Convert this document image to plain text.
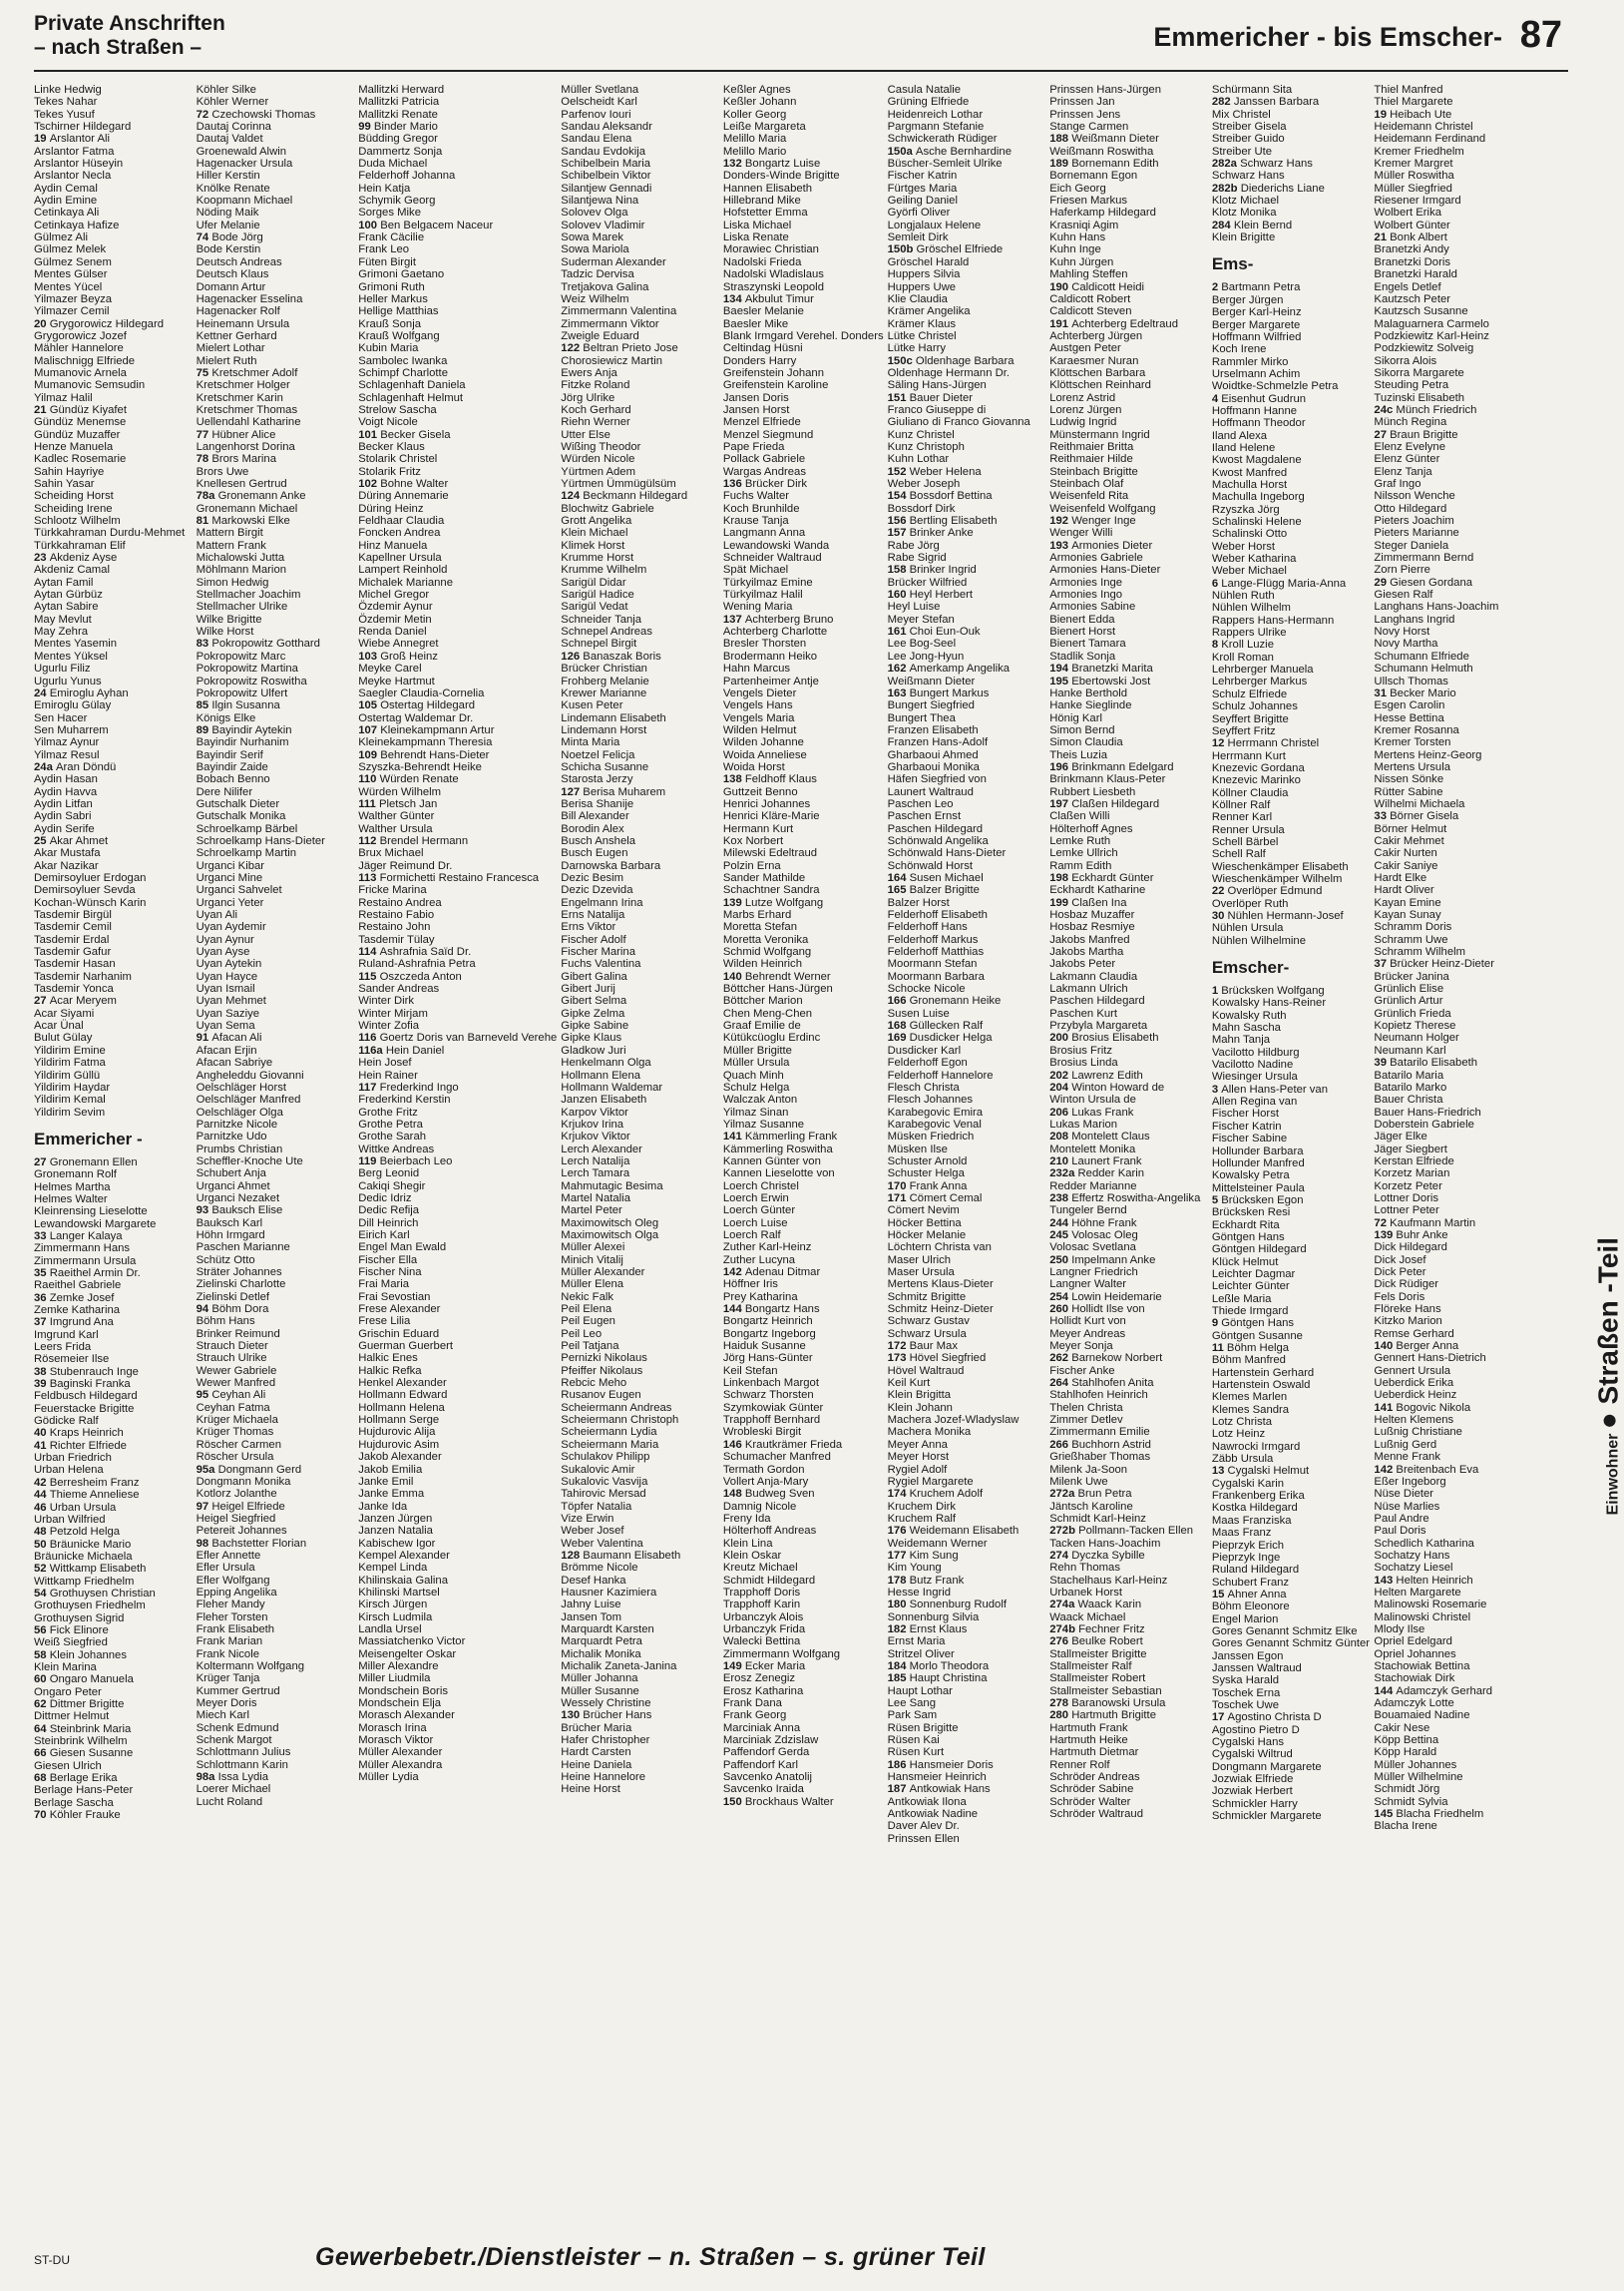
Private Anschriften
– nach Straßen –	Emmericher - bis Emscher- 87
Linke Hedwig
Tekes Nahar
Tekes Yusuf
Tschirner Hildegard
19 Arslantor Ali
Arslantor Fatma
Arslantor Hüseyin
Arslantor Necla
Aydin Cemal
Aydin Emine
Cetinkaya Ali
Cetinkaya Hafize
Gülmez Ali
Gülmez Melek
Gülmez Senem
Mentes Gülser
Mentes Yücel
Yilmazer Beyza
Yilmazer Cemil
20 Grygorowicz Hildegard
Grygorowicz Jozef
Mähler Hannelore
Malischnigg Elfriede
Mumanovic Arnela
Mumanovic Semsudin
Yilmaz Halil
21 Gündüz Kiyafet
Gündüz Menemse
Gündüz Muzaffer
Henze Manuela
Kadlec Rosemarie
Sahin Hayriye
Sahin Yasar
Scheiding Horst
Scheiding Irene
Schlootz Wilhelm
Türkkahraman Durdu-Mehmet
Türkkahraman Elif
23 Akdeniz Ayse
Akdeniz Camal
Aytan Famil
Aytan Gürbüz
Aytan Sabire
May Mevlut
May Zehra
Mentes Yasemin
Mentes Yüksel
Ugurlu Filiz
Ugurlu Yunus
24 Emiroglu Ayhan
Emiroglu Gülay
Sen Hacer
Sen Muharrem
Yilmaz Aynur
Yilmaz Resul
24a Aran Döndü
Aydin Hasan
Aydin Havva
Aydin Litfan
Aydin Sabri
Aydin Serife
25 Akar Ahmet
Akar Mustafa
Akar Nazikar
Demirsoyluer Erdogan
Demirsoyluer Sevda
Kochan-Wünsch Karin
Tasdemir Birgül
Tasdemir Cemil
Tasdemir Erdal
Tasdemir Gafur
Tasdemir Hasan
Tasdemir Narhanim
Tasdemir Yonca
27 Acar Meryem
Acar Siyami
Acar Ünal
Bulut Gülay
Yildirim Emine
Yildirim Fatma
Yildirim Güllü
Yildirim Haydar
Yildirim Kemal
Yildirim Sevim
Emmericher -
27 Gronemann Ellen
Gronemann Rolf
Helmes Martha
Helmes Walter
Kleinrensing Lieselotte
Lewandowski Margarete
33 Langer Kalaya
Zimmermann Hans
Zimmermann Ursula
35 Raeithel Armin Dr.
Raeithel Gabriele
36 Zemke Josef
Zemke Katharina
37 Imgrund Ana
Imgrund Karl
Leers Frida
Rösemeier Ilse
38 Stubenrauch Inge
39 Baginski Franka
Feldbusch Hildegard
Feuerstacke Brigitte
Gödicke Ralf
40 Kraps Heinrich
41 Richter Elfriede
Urban Friedrich
Urban Helena
42 Berresheim Franz
44 Thieme Anneliese
46 Urban Ursula
Urban Wilfried
48 Petzold Helga
50 Bräunicke Mario
Bräunicke Michaela
52 Wittkamp Elisabeth
Wittkamp Friedhelm
54 Grothuysen Christian
Grothuysen Friedhelm
Grothuysen Sigrid
56 Fick Elinore
Weiß Siegfried
58 Klein Johannes
Klein Marina
60 Ongaro Manuela
Ongaro Peter
62 Dittmer Brigitte
Dittmer Helmut
64 Steinbrink Maria
Steinbrink Wilhelm
66 Giesen Susanne
Giesen Ulrich
68 Berlage Erika
Berlage Hans-Peter
Berlage Sascha
70 Köhler Frauke
Köhler Silke
Köhler Werner
72 Czechowski Thomas
Dautaj Corinna
Dautaj Valdet
Groenewald Alwin
Hagenacker Ursula
Hiller Kerstin
Knölke Renate
Koopmann Michael
Nöding Maik
Ufer Melanie
74 Bode Jörg
Bode Kerstin
Deutsch Andreas
Deutsch Klaus
Domann Artur
Hagenacker Esselina
Hagenacker Rolf
Heinemann Ursula
Kettner Gerhard
Mielert Lothar
Mielert Ruth
75 Kretschmer Adolf
Kretschmer Holger
Kretschmer Karin
Kretschmer Thomas
Uellendahl Katharine
77 Hübner Alice
Langenhorst Dorina
78 Brors Marina
Brors Uwe
Knellesen Gertrud
78a Gronemann Anke
Gronemann Michael
81 Markowski Elke
Mattern Birgit
Mattern Frank
Michalowski Jutta
Möhlmann Marion
Simon Hedwig
Stellmacher Joachim
Stellmacher Ulrike
Wilke Brigitte
Wilke Horst
83 Pokropowitz Gotthard
Pokropowitz Marc
Pokropowitz Martina
Pokropowitz Roswitha
Pokropowitz Ulfert
85 Ilgin Susanna
Königs Elke
89 Bayindir Aytekin
Bayindir Nurhanim
Bayindir Serif
Bayindir Zaide
Bobach Benno
Dere Nilifer
Gutschalk Dieter
Gutschalk Monika
Schroelkamp Bärbel
Schroelkamp Hans-Dieter
Schroelkamp Martin
Urganci Kibar
Urganci Mine
Urganci Sahvelet
Urganci Yeter
Uyan Ali
Uyan Aydemir
Uyan Aynur
Uyan Ayse
Uyan Aytekin
Uyan Hayce
Uyan Ismail
Uyan Mehmet
Uyan Saziye
Uyan Sema
91 Afacan Ali
Afacan Erjin
Afacan Sabriye
Angheleddu Giovanni
Oelschläger Horst
Oelschläger Manfred
Oelschläger Olga
Parnitzke Nicole
Parnitzke Udo
Prumbs Christian
Scheffler-Knoche Ute
Schubert Anja
Urganci Ahmet
Urganci Nezaket
93 Bauksch Elise
Bauksch Karl
Höhn Irmgard
Paschen Marianne
Schütz Otto
Sträter Johannes
Zielinski Charlotte
Zielinski Detlef
94 Böhm Dora
Böhm Hans
Brinker Reimund
Strauch Dieter
Strauch Ulrike
Wewer Gabriele
Wewer Manfred
95 Ceyhan Ali
Ceyhan Fatma
Krüger Michaela
Krüger Thomas
Röscher Carmen
Röscher Ursula
95a Dongmann Gerd
Dongmann Monika
Kotlorz Jolanthe
97 Heigel Elfriede
Heigel Siegfried
Petereit Johannes
98 Bachstetter Florian
Efler Annette
Efler Ursula
Efler Wolfgang
Epping Angelika
Fleher Mandy
Fleher Torsten
Frank Elisabeth
Frank Marian
Frank Nicole
Koltermann Wolfgang
Krüger Tanja
Kummer Gertrud
Meyer Doris
Miech Karl
Schenk Edmund
Schenk Margot
Schlottmann Julius
Schlottmann Karin
98a Issa Lydia
Loerer Michael
Lucht Roland
Mallitzki Herward
Mallitzki Patricia
Mallitzki Renate
99 Binder Mario
Büdding Gregor
Dammertz Sonja
Duda Michael
Felderhoff Johanna
Hein Katja
Schymik Georg
Sorges Mike
100 Ben Belgacem Naceur
Frank Cäcilie
Frank Leo
Füten Birgit
Grimoni Gaetano
Grimoni Ruth
Heller Markus
Hellige Matthias
Krauß Sonja
Krauß Wolfgang
Kubin Maria
Sambolec Iwanka
Schimpf Charlotte
Schlagenhaft Daniela
Schlagenhaft Helmut
Strelow Sascha
Voigt Nicole
101 Becker Gisela
Becker Klaus
Stolarik Christel
Stolarik Fritz
102 Bohne Walter
Düring Annemarie
Düring Heinz
Feldhaar Claudia
Foncken Andrea
Hinz Manuela
Kapellner Ursula
Lampert Reinhold
Michalek Marianne
Michel Gregor
Özdemir Aynur
Özdemir Metin
Renda Daniel
Wiebe Annegret
103 Groß Heinz
Meyke Carel
Meyke Hartmut
Saegler Claudia-Cornelia
105 Ostertag Hildegard
Ostertag Waldemar Dr.
107 Kleinekampmann Artur
Kleinekampmann Theresia
109 Behrendt Hans-Dieter
Szyszka-Behrendt Heike
110 Würden Renate
Würden Wilhelm
111 Pletsch Jan
Walther Günter
Walther Ursula
112 Brendel Hermann
Brux Michael
Jäger Reimund Dr.
113 Formichetti Restaino Francesca
Fricke Marina
Restaino Andrea
Restaino Fabio
Restaino John
Tasdemir Tülay
114 Ashrafnia Saïd Dr.
Ruland-Ashrafnia Petra
115 Oszczeda Anton
Sander Andreas
Winter Dirk
Winter Mirjam
Winter Zofia
116 Goertz Doris van Barneveld Verehe
116a Hein Daniel
Hein Josef
Hein Rainer
117 Frederkind Ingo
Frederkind Kerstin
Grothe Fritz
Grothe Petra
Grothe Sarah
Wittke Andreas
119 Beierbach Leo
Berg Leonid
Cakiqi Shegir
Dedic Idriz
Dedic Refija
Dill Heinrich
Eirich Karl
Engel Man Ewald
Fischer Ella
Fischer Nina
Frai Maria
Frai Sevostian
Frese Alexander
Frese Lilia
Grischin Eduard
Guerman Guerbert
Halkic Enes
Halkic Refka
Henkel Alexander
Hollmann Edward
Hollmann Helena
Hollmann Serge
Hujdurovic Alija
Hujdurovic Asim
Jakob Alexander
Jakob Emilia
Janke Emil
Janke Emma
Janke Ida
Janzen Jürgen
Janzen Natalia
Kabischew Igor
Kempel Alexander
Kempel Linda
Khilinskaia Galina
Khilinski Martsel
Kirsch Jürgen
Kirsch Ludmila
Landla Ursel
Massiatchenko Victor
Meisengelter Oskar
Miller Alexandre
Miller Liudmila
Mondschein Boris
Mondschein Elja
Morasch Alexander
Morasch Irina
Morasch Viktor
Müller Alexander
Müller Alexandra
Müller Lydia
Müller Svetlana
Oelscheidt Karl
Parfenov Iouri
Sandau Aleksandr
Sandau Elena
Sandau Evdokija
Schibelbein Maria
Schibelbein Viktor
Silantjew Gennadi
Silantjewa Nina
Solovev Olga
Solovev Vladimir
Sowa Marek
Sowa Mariola
Suderman Alexander
Tadzic Dervisa
Tretjakova Galina
Weiz Wilhelm
Zimmermann Valentina
Zimmermann Viktor
Zweigle Eduard
122 Beltran Prieto Jose
Chorosiewicz Martin
Ewers Anja
Fitzke Roland
Jörg Ulrike
Koch Gerhard
Riehn Werner
Utter Else
Wißing Theodor
Würden Nicole
Yürtmen Adem
Yürtmen Ümmügülsüm
124 Beckmann Hildegard
Blochwitz Gabriele
Grott Angelika
Klein Michael
Klimek Horst
Krumme Horst
Krumme Wilhelm
Sarigül Didar
Sarigül Hadice
Sarigül Vedat
Schneider Tanja
Schnepel Andreas
Schnepel Birgit
126 Banaszak Boris
Brücker Christian
Frohberg Melanie
Krewer Marianne
Kusen Peter
Lindemann Elisabeth
Lindemann Horst
Minta Maria
Noetzel Felicja
Schicha Susanne
Starosta Jerzy
127 Berisa Muharem
Berisa Shanije
Bill Alexander
Borodin Alex
Busch Anshela
Busch Eugen
Darnowska Barbara
Dezic Besim
Dezic Dzevida
Engelmann Irina
Erns Natalija
Erns Viktor
Fischer Adolf
Fischer Marina
Fuchs Valentina
Gibert Galina
Gibert Jurij
Gibert Selma
Gipke Zelma
Gipke Sabine
Gipke Klaus
Gladkow Juri
Henkelmann Olga
Hollmann Elena
Hollmann Waldemar
Janzen Elisabeth
Karpov Viktor
Krjukov Irina
Krjukov Viktor
Lerch Alexander
Lerch Natalija
Lerch Tamara
Mahmutagic Besima
Martel Natalia
Martel Peter
Maximowitsch Oleg
Maximowitsch Olga
Müller Alexei
Minich Vitalij
Müller Alexander
Müller Elena
Nekic Falk
Peil Elena
Peil Eugen
Peil Leo
Peil Tatjana
Pernizki Nikolaus
Pfeiffer Nikolaus
Rebcic Meho
Rusanov Eugen
Scheiermann Andreas
Scheiermann Christoph
Scheiermann Lydia
Scheiermann Maria
Schulakov Philipp
Sukalovic Amir
Sukalovic Vasvija
Tahirovic Mersad
Töpfer Natalia
Vize Erwin
Weber Josef
Weber Valentina
128 Baumann Elisabeth
Brömme Nicole
Desef Hanka
Hausner Kazimiera
Jahny Luise
Jansen Tom
Marquardt Karsten
Marquardt Petra
Michalik Monika
Michalik Zaneta-Janina
Müller Johanna
Müller Susanne
Wessely Christine
130 Brücher Hans
Brücher Maria
Hafer Christopher
Hardt Carsten
Heine Daniela
Heine Hannelore
Heine Horst
Keßler Agnes
Keßler Johann
Koller Georg
Leiße Margareta
Melillo Maria
Melillo Mario
132 Bongartz Luise
Donders-Winde Brigitte
Hannen Elisabeth
Hillebrand Mike
Hofstetter Emma
Liska Michael
Liska Renate
Morawiec Christian
Nadolski Frieda
Nadolski Wladislaus
Straszynski Leopold
134 Akbulut Timur
Baesler Melanie
Baesler Mike
Blank Irmgard Verehel. Donders
Celtindag Hüsni
Donders Harry
Greifenstein Johann
Greifenstein Karoline
Jansen Doris
Jansen Horst
Menzel Elfriede
Menzel Siegmund
Pape Frieda
Pollack Gabriele
Wargas Andreas
136 Brücker Dirk
Fuchs Walter
Koch Brunhilde
Krause Tanja
Langmann Anna
Lewandowski Wanda
Schneider Waltraud
Spät Michael
Türkyilmaz Emine
Türkyilmaz Halil
Wening Maria
137 Achterberg Bruno
Achterberg Charlotte
Bresler Thorsten
Brodermann Heiko
Hahn Marcus
Partenheimer Antje
Vengels Dieter
Vengels Hans
Vengels Maria
Wilden Helmut
Wilden Johanne
Woida Anneliese
Woida Horst
138 Feldhoff Klaus
Guttzeit Benno
Henrici Johannes
Henrici Kläre-Marie
Hermann Kurt
Kox Norbert
Milewski Edeltraud
Polzin Erna
Sander Mathilde
Schachtner Sandra
139 Lutze Wolfgang
Marbs Erhard
Moretta Stefan
Moretta Veronika
Schmid Wolfgang
Wilden Heinrich
140 Behrendt Werner
Böttcher Hans-Jürgen
Böttcher Marion
Chen Meng-Chen
Graaf Emilie de
Kütükcüoglu Erdinc
Müller Brigitte
Müller Ursula
Quach Minh
Schulz Helga
Walczak Anton
Yilmaz Sinan
Yilmaz Susanne
141 Kämmerling Frank
Kämmerling Roswitha
Kannen Günter von
Kannen Lieselotte von
Loerch Christel
Loerch Erwin
Loerch Günter
Loerch Luise
Loerch Ralf
Zuther Karl-Heinz
Zuther Lucyna
142 Adenau Ditmar
Höffner Iris
Prey Katharina
144 Bongartz Hans
Bongartz Heinrich
Bongartz Ingeborg
Haiduk Susanne
Jörg Hans-Günter
Keil Stefan
Linkenbach Margot
Schwarz Thorsten
Szymkowiak Günter
Trapphoff Bernhard
Wrobleski Birgit
146 Krautkrämer Frieda
Schumacher Manfred
Termath Gordon
Vollert Anja-Mary
148 Budweg Sven
Damnig Nicole
Freny Ida
Hölterhoff Andreas
Klein Lina
Klein Oskar
Kreutz Michael
Schmidt Hildegard
Trapphoff Doris
Trapphoff Karin
Urbanczyk Alois
Urbanczyk Frida
Walecki Bettina
Zimmermann Wolfgang
149 Ecker Maria
Erosz Zenegiz
Erosz Katharina
Frank Dana
Frank Georg
Marciniak Anna
Marciniak Zdzislaw
Paffendorf Gerda
Paffendorf Karl
Savcenko Anatolij
Savcenko Iraida
150 Brockhaus Walter
Casula Natalie
Grüning Elfriede
Heidenreich Lothar
Pargmann Stefanie
Schwickerath Rüdiger
150a Asche Bernhardine
Büscher-Semleit Ulrike
Fischer Katrin
Fürtges Maria
Geiling Daniel
Györfi Oliver
Longjalaux Helene
Semleit Dirk
150b Gröschel Elfriede
Gröschel Harald
Huppers Silvia
Huppers Uwe
Klie Claudia
Krämer Angelika
Krämer Klaus
Lütke Christel
Lütke Harry
150c Oldenhage Barbara
Oldenhage Hermann Dr.
Säling Hans-Jürgen
151 Bauer Dieter
Franco Giuseppe di
Giuliano di Franco Giovanna
Kunz Christel
Kunz Christoph
Kuhn Lothar
152 Weber Helena
Weber Joseph
154 Bossdorf Bettina
Bossdorf Dirk
156 Bertling Elisabeth
157 Brinker Anke
Rabe Jörg
Rabe Sigrid
158 Brinker Ingrid
Brücker Wilfried
160 Heyl Herbert
Heyl Luise
Meyer Stefan
161 Choi Eun-Ouk
Lee Bog-Seel
Lee Jong-Hyun
162 Amerkamp Angelika
Weißmann Dieter
163 Bungert Markus
Bungert Siegfried
Bungert Thea
Franzen Elisabeth
Franzen Hans-Adolf
Gharbaoui Ahmed
Gharbaoui Monika
Häfen Siegfried von
Launert Waltraud
Paschen Leo
Paschen Ernst
Paschen Hildegard
Schönwald Angelika
Schönwald Hans-Dieter
Schönwald Horst
164 Susen Michael
165 Balzer Brigitte
Balzer Horst
Felderhoff Elisabeth
Felderhoff Hans
Felderhoff Markus
Felderhoff Matthias
Moormann Stefan
Moormann Barbara
Schocke Nicole
166 Gronemann Heike
Susen Luise
168 Güllecken Ralf
169 Dusdicker Helga
Dusdicker Karl
Felderhoff Egon
Felderhoff Hannelore
Flesch Christa
Flesch Johannes
Karabegovic Emira
Karabegovic Venal
Müsken Friedrich
Müsken Ilse
Schuster Arnold
Schuster Helga
170 Frank Anna
171 Cömert Cemal
Cömert Nevim
Höcker Bettina
Höcker Melanie
Löchtern Christa van
Maser Ulrich
Maser Ursula
Mertens Klaus-Dieter
Schmitz Brigitte
Schmitz Heinz-Dieter
Schwarz Gustav
Schwarz Ursula
172 Baur Max
173 Hövel Siegfried
Hövel Waltraud
Keil Kurt
Klein Brigitta
Klein Johann
Machera Jozef-Wladyslaw
Machera Monika
Meyer Anna
Meyer Horst
Rygiel Adolf
Rygiel Margarete
174 Kruchem Adolf
Kruchem Dirk
Kruchem Ralf
176 Weidemann Elisabeth
Weidemann Werner
177 Kim Sung
Kim Young
178 Butz Frank
Hesse Ingrid
180 Sonnenburg Rudolf
Sonnenburg Silvia
182 Ernst Klaus
Ernst Maria
Stritzel Oliver
184 Morlo Theodora
185 Haupt Christina
Haupt Lothar
Lee Sang
Park Sam
Rüsen Brigitte
Rüsen Kai
Rüsen Kurt
186 Hansmeier Doris
Hansmeier Heinrich
187 Antkowiak Hans
Antkowiak Ilona
Antkowiak Nadine
Daver Alev Dr.
Prinssen Ellen
Prinssen Hans-Jürgen
Prinssen Jan
Prinssen Jens
Stange Carmen
188 Weißmann Dieter
Weißmann Roswitha
189 Bornemann Edith
Bornemann Egon
Eich Georg
Friesen Markus
Haferkamp Hildegard
Krasniqi Agim
Kuhn Hans
Kuhn Inge
Kuhn Jürgen
Mahling Steffen
190 Caldicott Heidi
Caldicott Robert
Caldicott Steven
191 Achterberg Edeltraud
Achterberg Jürgen
Austgen Peter
Karaesmer Nuran
Klöttschen Barbara
Klöttschen Reinhard
Lorenz Astrid
Lorenz Jürgen
Ludwig Ingrid
Münstermann Ingrid
Reithmaier Britta
Reithmaier Hilde
Steinbach Brigitte
Steinbach Olaf
Weisenfeld Rita
Weisenfeld Wolfgang
192 Wenger Inge
Wenger Willi
193 Armonies Dieter
Armonies Gabriele
Armonies Hans-Dieter
Armonies Inge
Armonies Ingo
Armonies Sabine
Bienert Edda
Bienert Horst
Bienert Tamara
Stadlik Sonja
194 Branetzki Marita
195 Ebertowski Jost
Hanke Berthold
Hanke Sieglinde
Hönig Karl
Simon Bernd
Simon Claudia
Theis Luzia
196 Brinkmann Edelgard
Brinkmann Klaus-Peter
Rubbert Liesbeth
197 Claßen Hildegard
Claßen Willi
Hölterhoff Agnes
Lemke Ruth
Lemke Ullrich
Ramm Edith
198 Eckhardt Günter
Eckhardt Katharine
199 Claßen Ina
Hosbaz Muzaffer
Hosbaz Resmiye
Jakobs Manfred
Jakobs Martha
Jakobs Peter
Lakmann Claudia
Lakmann Ulrich
Paschen Hildegard
Paschen Kurt
Przybyla Margareta
200 Brosius Elisabeth
Brosius Fritz
Brosius Linda
202 Lawrenz Edith
204 Winton Howard de
Winton Ursula de
206 Lukas Frank
Lukas Marion
208 Montelett Claus
Montelett Monika
210 Launert Frank
232a Redder Karin
Redder Marianne
238 Effertz Roswitha-Angelika
Tungeler Bernd
244 Höhne Frank
245 Volosac Oleg
Volosac Svetlana
250 Impelmann Anke
Langner Friedrich
Langner Walter
254 Lowin Heidemarie
260 Hollidt Ilse von
Hollidt Kurt von
Meyer Andreas
Meyer Sonja
262 Barnekow Norbert
Fischer Anke
264 Stahlhofen Anita
Stahlhofen Heinrich
Thelen Christa
Zimmer Detlev
Zimmermann Emilie
266 Buchhorn Astrid
Grießhaber Thomas
Milenk Ja-Soon
Milenk Uwe
272a Brun Petra
Jäntsch Karoline
Schmidt Karl-Heinz
272b Pollmann-Tacken Ellen
Tacken Hans-Joachim
274 Dyczka Sybille
Rehn Thomas
Stachelhaus Karl-Heinz
Urbanek Horst
274a Waack Karin
Waack Michael
274b Fechner Fritz
276 Beulke Robert
Stallmeister Brigitte
Stallmeister Ralf
Stallmeister Robert
Stallmeister Sebastian
278 Baranowski Ursula
280 Hartmuth Brigitte
Hartmuth Frank
Hartmuth Heike
Hartmuth Dietmar
Renner Rolf
Schröder Andreas
Schröder Sabine
Schröder Walter
Schröder Waltraud
Schürmann Sita
282 Janssen Barbara
Mix Christel
Streiber Gisela
Streiber Guido
Streiber Ute
282a Schwarz Hans
Schwarz Hans
282b Diederichs Liane
Klotz Michael
Klotz Monika
284 Klein Bernd
Klein Brigitte
Ems-
2 Bartmann Petra
Berger Jürgen
Berger Karl-Heinz
Berger Margarete
Hoffmann Wilfried
Koch Irene
Rammler Mirko
Urselmann Achim
Woidtke-Schmelzle Petra
4 Eisenhut Gudrun
Hoffmann Hanne
Hoffmann Theodor
Iland Alexa
Iland Helene
Kwost Magdalene
Kwost Manfred
Machulla Horst
Machulla Ingeborg
Rzyszka Jörg
Schalinski Helene
Schalinski Otto
Weber Horst
Weber Katharina
Weber Michael
6 Lange-Flügg Maria-Anna
Nühlen Ruth
Nühlen Wilhelm
Rappers Hans-Hermann
Rappers Ulrike
8 Kroll Luzie
Kroll Roman
Lehrberger Manuela
Lehrberger Markus
Schulz Elfriede
Schulz Johannes
Seyffert Brigitte
Seyffert Fritz
12 Herrmann Christel
Herrmann Kurt
Knezevic Gordana
Knezevic Marinko
Köllner Claudia
Köllner Ralf
Renner Karl
Renner Ursula
Schell Bärbel
Schell Ralf
Wieschenkämper Elisabeth
Wieschenkämper Wilhelm
22 Overlöper Edmund
Overlöper Ruth
30 Nühlen Hermann-Josef
Nühlen Ursula
Nühlen Wilhelmine
Emscher-
1 Brücksken Wolfgang
Kowalsky Hans-Reiner
Kowalsky Ruth
Mahn Sascha
Mahn Tanja
Vacilotto Hildburg
Vacilotto Nadine
Wiesinger Ursula
3 Allen Hans-Peter van
Allen Regina van
Fischer Horst
Fischer Katrin
Fischer Sabine
Hollunder Barbara
Hollunder Manfred
Kowalsky Petra
Mittelsteiner Paula
5 Brücksken Egon
Brücksken Resi
Eckhardt Rita
Göntgen Hans
Göntgen Hildegard
Klück Helmut
Leichter Dagmar
Leichter Günter
Leßle Maria
Thiede Irmgard
9 Göntgen Hans
Göntgen Susanne
11 Böhm Helga
Böhm Manfred
Hartenstein Gerhard
Hartenstein Oswald
Klemes Marlen
Klemes Sandra
Lotz Christa
Lotz Heinz
Nawrocki Irmgard
Zäbb Ursula
13 Cygalski Helmut
Cygalski Karin
Frankenberg Erika
Kostka Hildegard
Maas Franziska
Maas Franz
Pieprzyk Erich
Pieprzyk Inge
Ruland Hildegard
Schubert Franz
15 Ahner Anna
Böhm Eleonore
Engel Marion
Gores Genannt Schmitz Elke
Gores Genannt Schmitz Günter
Janssen Egon
Janssen Waltraud
Syska Harald
Toschek Erna
Toschek Uwe
17 Agostino Christa D
Agostino Pietro D
Cygalski Hans
Cygalski Wiltrud
Dongmann Margarete
Jozwiak Elfriede
Jozwiak Herbert
Schmickler Harry
Schmickler Margarete
Thiel Manfred
Thiel Margarete
19 Heibach Ute
Heidemann Christel
Heidemann Ferdinand
Kremer Friedhelm
Kremer Margret
Müller Roswitha
Müller Siegfried
Riesener Irmgard
Wolbert Erika
Wolbert Günter
21 Bonk Albert
Branetzki Andy
Branetzki Doris
Branetzki Harald
Engels Detlef
Kautzsch Peter
Kautzsch Susanne
Malaguarnera Carmelo
Podzkiewitz Karl-Heinz
Podzkiewitz Solveig
Sikorra Alois
Sikorra Margarete
Steuding Petra
Tuzinski Elisabeth
24c Münch Friedrich
Münch Regina
27 Braun Brigitte
Elenz Evelyne
Elenz Günter
Elenz Tanja
Graf Ingo
Nilsson Wenche
Otto Hildegard
Pieters Joachim
Pieters Marianne
Steger Daniela
Zimmermann Bernd
Zorn Pierre
29 Giesen Gordana
Giesen Ralf
Langhans Hans-Joachim
Langhans Ingrid
Novy Horst
Novy Martha
Schumann Elfriede
Schumann Helmuth
Ullsch Thomas
31 Becker Mario
Esgen Carolin
Hesse Bettina
Kremer Rosanna
Kremer Torsten
Mertens Heinz-Georg
Mertens Ursula
Nissen Sönke
Rütter Sabine
Wilhelmi Michaela
33 Börner Gisela
Börner Helmut
Cakir Mehmet
Cakir Nurten
Cakir Saniye
Hardt Elke
Hardt Oliver
Kayan Emine
Kayan Sunay
Schramm Doris
Schramm Uwe
Schramm Wilhelm
37 Brücker Heinz-Dieter
Brücker Janina
Grünlich Elise
Grünlich Artur
Grünlich Frieda
Kopietz Therese
Neumann Holger
Neumann Karl
39 Batarilo Elisabeth
Batarilo Maria
Batarilo Marko
Bauer Christa
Bauer Hans-Friedrich
Doberstein Gabriele
Jäger Elke
Jäger Siegbert
Kerstan Elfriede
Korzetz Marian
Korzetz Peter
Lottner Doris
Lottner Peter
72 Kaufmann Martin
139 Buhr Anke
Dick Hildegard
Dick Josef
Dick Peter
Dick Rüdiger
Fels Doris
Flöreke Hans
Kitzko Marion
Remse Gerhard
140 Berger Anna
Gennert Hans-Dietrich
Gennert Ursula
Ueberdick Erika
Ueberdick Heinz
141 Bogovic Nikola
Helten Klemens
Lußnig Christiane
Lußnig Gerd
Menne Frank
142 Breitenbach Eva
Eßer Ingeborg
Nüse Dieter
Nüse Marlies
Paul Andre
Paul Doris
Schedlich Katharina
Sochatzy Hans
Sochatzy Liesel
143 Helten Heinrich
Helten Margarete
Malinowski Rosemarie
Malinowski Christel
Mlody Ilse
Opriel Edelgard
Opriel Johannes
Stachowiak Bettina
Stachowiak Dirk
144 Adamczyk Gerhard
Adamczyk Lotte
Bouamaied Nadine
Cakir Nese
Köpp Bettina
Köpp Harald
Müller Johannes
Müller Wilhelmine
Schmidt Jörg
Schmidt Sylvia
145 Blacha Friedhelm
Blacha Irene
Einwohner ● Straßen -Teil
ST-DU	Gewerbebetr./Dienstleister – n. Straßen – s. grüner Teil
